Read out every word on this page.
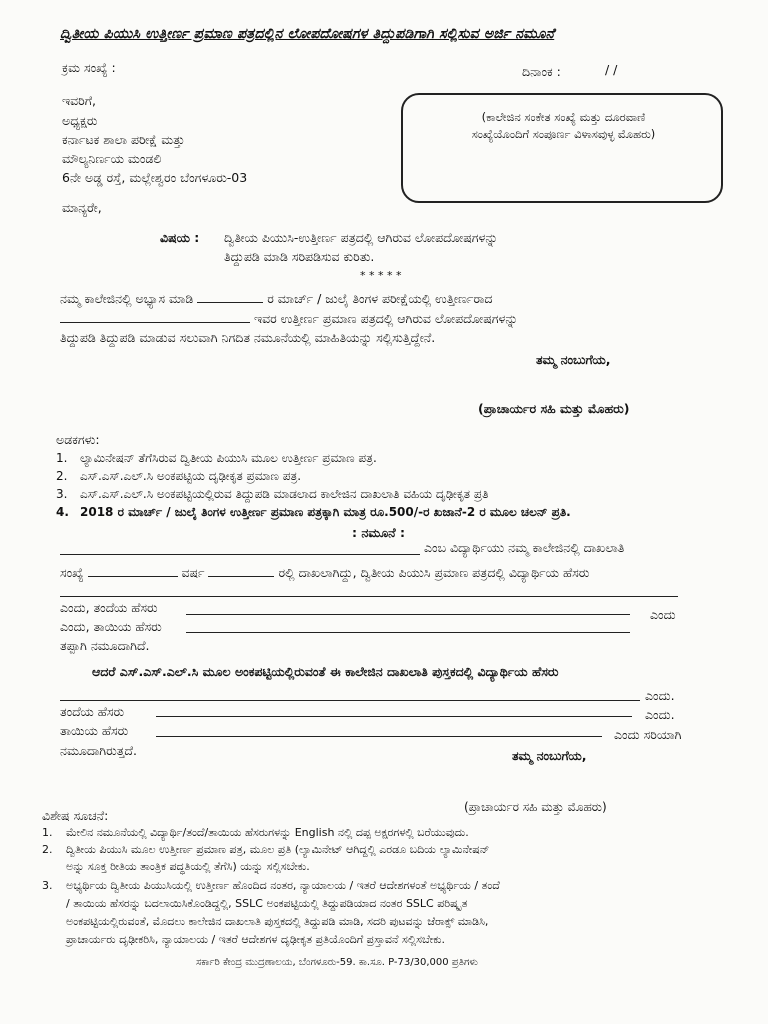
ದ್ವಿತೀಯ ಪಿಯುಸಿ ಉತ್ತೀರ್ಣ ಪ್ರಮಾಣ ಪತ್ರದಲ್ಲಿನ ಲೋಪದೋಷಗಳ ತಿದ್ದುಪಡಿಗಾಗಿ ಸಲ್ಲಿಸುವ ಅರ್ಜಿ ನಮೂನೆ
ಕ್ರಮ ಸಂಖ್ಯೆ :	ದಿನಾಂಕ :	/ /
ಇವರಿಗೆ,
ಅಧ್ಯಕ್ಷರು
ಕರ್ನಾಟಕ ಶಾಲಾ ಪರೀಕ್ಷೆ ಮತ್ತು
ಮೌಲ್ಯನಿರ್ಣಯ ಮಂಡಲಿ
6ನೇ ಅಡ್ಡ ರಸ್ತೆ, ಮಲ್ಲೇಶ್ವರಂ ಬೆಂಗಳೂರು-03
(ಕಾಲೇಜಿನ ಸಂಕೇತ ಸಂಖ್ಯೆ ಮತ್ತು ದೂರವಾಣಿ
ಸಂಖ್ಯೆಯೊಂದಿಗೆ ಸಂಪೂರ್ಣ ವಿಳಾಸವುಳ್ಳ ಮೊಹರು)
ಮಾನ್ಯರೇ,
ವಿಷಯ : ದ್ವಿತೀಯ ಪಿಯುಸಿ-ಉತ್ತೀರ್ಣ ಪತ್ರದಲ್ಲಿ ಆಗಿರುವ ಲೋಪದೋಷಗಳನ್ನು
ತಿದ್ದುಪಡಿ ಮಾಡಿ ಸರಿಪಡಿಸುವ ಕುರಿತು.
* * * * *
ನಮ್ಮ ಕಾಲೇಜಿನಲ್ಲಿ ಅಭ್ಯಾಸ ಮಾಡಿ	ರ ಮಾರ್ಚ್ / ಜುಲೈ ತಿಂಗಳ ಪರೀಕ್ಷೆಯಲ್ಲಿ ಉತ್ತೀರ್ಣರಾದ
ಇವರ ಉತ್ತೀರ್ಣ ಪ್ರಮಾಣ ಪತ್ರದಲ್ಲಿ ಆಗಿರುವ ಲೋಪದೋಷಗಳನ್ನು
ತಿದ್ದುಪಡಿ ತಿದ್ದುಪಡಿ ಮಾಡುವ ಸಲುವಾಗಿ ನಿಗದಿತ ನಮೂನೆಯಲ್ಲಿ ಮಾಹಿತಿಯನ್ನು ಸಲ್ಲಿಸುತ್ತಿದ್ದೇನೆ.
ತಮ್ಮ ನಂಬುಗೆಯ,
(ಪ್ರಾಚಾರ್ಯರ ಸಹಿ ಮತ್ತು ಮೊಹರು)
ಅಡಕಗಳು:
1. ಲ್ಯಾಮಿನೇಷನ್ ತೆಗೆಸಿರುವ ದ್ವಿತೀಯ ಪಿಯುಸಿ ಮೂಲ ಉತ್ತೀರ್ಣ ಪ್ರಮಾಣ ಪತ್ರ.
2. ಎಸ್.ಎಸ್.ಎಲ್.ಸಿ ಅಂಕಪಟ್ಟಿಯ ದೃಢೀಕೃತ ಪ್ರಮಾಣ ಪತ್ರ.
3. ಎಸ್.ಎಸ್.ಎಲ್.ಸಿ ಅಂಕಪಟ್ಟಿಯಲ್ಲಿರುವ ತಿದ್ದುಪಡಿ ಮಾಡಲಾದ ಕಾಲೇಜಿನ ದಾಖಲಾತಿ ವಹಿಯ ದೃಢೀಕೃತ ಪ್ರತಿ
4. 2018 ರ ಮಾರ್ಚ್ / ಜುಲೈ ತಿಂಗಳ ಉತ್ತೀರ್ಣ ಪ್ರಮಾಣ ಪತ್ರಕ್ಕಾಗಿ ಮಾತ್ರ ರೂ.500/-ರ ಖಜಾನೆ-2 ರ ಮೂಲ ಚಲನ್ ಪ್ರತಿ.
: ನಮೂನೆ :
ಎಂಬ ವಿದ್ಯಾರ್ಥಿಯು ನಮ್ಮ ಕಾಲೇಜಿನಲ್ಲಿ ದಾಖಲಾತಿ
ಸಂಖ್ಯೆ	ವರ್ಷ	ರಲ್ಲಿ ದಾಖಲಾಗಿದ್ದು, ದ್ವಿತೀಯ ಪಿಯುಸಿ ಪ್ರಮಾಣ ಪತ್ರದಲ್ಲಿ ವಿದ್ಯಾರ್ಥಿಯ ಹೆಸರು
ಎಂದು, ತಂದೆಯ ಹೆಸರು	ಎಂದು
ಎಂದು, ತಾಯಿಯ ಹೆಸರು
ತಪ್ಪಾಗಿ ನಮೂದಾಗಿದೆ.
ಆದರೆ ಎಸ್.ಎಸ್.ಎಲ್.ಸಿ ಮೂಲ ಅಂಕಪಟ್ಟಿಯಲ್ಲಿರುವಂತೆ ಈ ಕಾಲೇಜಿನ ದಾಖಲಾತಿ ಪುಸ್ತಕದಲ್ಲಿ ವಿದ್ಯಾರ್ಥಿಯ ಹೆಸರು
ಎಂದು.
ತಂದೆಯ ಹೆಸರು	ಎಂದು.
ತಾಯಿಯ ಹೆಸರು	ಎಂದು ಸರಿಯಾಗಿ
ನಮೂದಾಗಿರುತ್ತದೆ.	ತಮ್ಮ ನಂಬುಗೆಯ,
(ಪ್ರಾಚಾರ್ಯರ ಸಹಿ ಮತ್ತು ಮೊಹರು)
ವಿಶೇಷ ಸೂಚನೆ:
1. ಮೇಲಿನ ನಮೂನೆಯಲ್ಲಿ ವಿದ್ಯಾರ್ಥಿ/ತಂದೆ/ತಾಯಿಯ ಹೆಸರುಗಳನ್ನು English ನಲ್ಲಿ ದಪ್ಪ ಅಕ್ಷರಗಳಲ್ಲಿ ಬರೆಯುವುದು.
2. ದ್ವಿತೀಯ ಪಿಯುಸಿ ಮೂಲ ಉತ್ತೀರ್ಣ ಪ್ರಮಾಣ ಪತ್ರ, ಮೂಲ ಪ್ರತಿ (ಲ್ಯಾಮಿನೇಟ್ ಆಗಿದ್ದಲ್ಲಿ ಎರಡೂ ಬದಿಯ ಲ್ಯಾಮಿನೇಷನ್
ಅನ್ನು ಸೂಕ್ತ ರೀತಿಯ ತಾಂತ್ರಿಕ ಪದ್ಧತಿಯಲ್ಲಿ ತೆಗೆಸಿ) ಯನ್ನು ಸಲ್ಲಿಸಬೇಕು.
3. ಅಭ್ಯರ್ಥಿಯ ದ್ವಿತೀಯ ಪಿಯುಸಿಯಲ್ಲಿ ಉತ್ತೀರ್ಣ ಹೊಂದಿದ ನಂತರ, ನ್ಯಾಯಾಲಯ / ಇತರೆ ಆದೇಶಗಳಂತೆ ಅಭ್ಯರ್ಥಿಯ / ತಂದೆ
/ ತಾಯಿಯ ಹೆಸರನ್ನು ಬದಲಾಯಿಸಿಕೊಂಡಿದ್ದಲ್ಲಿ, SSLC ಅಂಕಪಟ್ಟಿಯಲ್ಲಿ ತಿದ್ದುಪಡಿಯಾದ ನಂತರ SSLC ಪರಿಷ್ಕೃತ
ಅಂಕಪಟ್ಟಿಯಲ್ಲಿರುವಂತೆ, ಮೊದಲು ಕಾಲೇಜಿನ ದಾಖಲಾತಿ ಪುಸ್ತಕದಲ್ಲಿ ತಿದ್ದುಪಡಿ ಮಾಡಿ, ಸದರಿ ಪುಟವನ್ನು ಜೆರಾಕ್ಸ್ ಮಾಡಿಸಿ,
ಪ್ರಾಚಾರ್ಯರು ದೃಢೀಕರಿಸಿ, ನ್ಯಾಯಾಲಯ / ಇತರೆ ಆದೇಶಗಳ ದೃಢೀಕೃತ ಪ್ರತಿಯೊಂದಿಗೆ ಪ್ರಸ್ತಾವನೆ ಸಲ್ಲಿಸಬೇಕು.
ಸರ್ಕಾರಿ ಕೇಂದ್ರ ಮುದ್ರಣಾಲಯ, ಬೆಂಗಳೂರು-59. ಕಾ.ಸೂ. P-73/30,000 ಪ್ರತಿಗಳು
